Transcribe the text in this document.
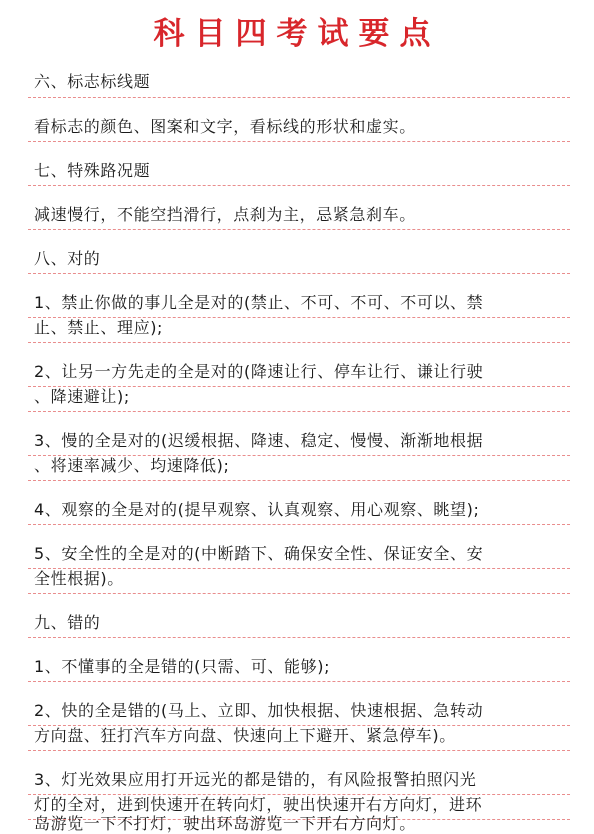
科目四考试要点
六、标志标线题
看标志的颜色、图案和文字，看标线的形状和虚实。
七、特殊路况题
减速慢行，不能空挡滑行，点刹为主，忌紧急刹车。
八、对的
1、禁止你做的事儿全是对的(禁止、不可、不可、不可以、禁
止、禁止、理应);
2、让另一方先走的全是对的(降速让行、停车让行、谦让行驶
、降速避让);
3、慢的全是对的(迟缓根据、降速、稳定、慢慢、渐渐地根据
、将速率减少、均速降低);
4、观察的全是对的(提早观察、认真观察、用心观察、眺望);
5、安全性的全是对的(中断踏下、确保安全性、保证安全、安
全性根据)。
九、错的
1、不懂事的全是错的(只需、可、能够);
2、快的全是错的(马上、立即、加快根据、快速根据、急转动
方向盘、狂打汽车方向盘、快速向上下避开、紧急停车)。
3、灯光效果应用打开远光的都是错的，有风险报警拍照闪光
灯的全对，进到快速开在转向灯，驶出快速开右方向灯，进环
岛游览一下不打灯，驶出环岛游览一下开右方向灯。
